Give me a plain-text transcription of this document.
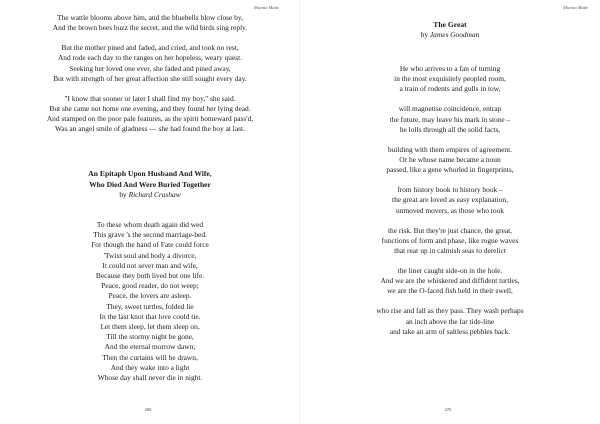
Mucma Made
The wattle blooms above him, and the bluebells blow close by,
And the brown bees buzz the secret, and the wild birds sing reply.
But the mother pined and faded, and cried, and took no rest,
And rode each day to the ranges on her hopeless, weary quest.
Seeking her loved one ever, she faded and pined away,
But with strength of her great affection she still sought every day.
"I know that sooner or later I shall find my boy," she said.
But she came not home one evening, and they found her lying dead.
And stamped on the poor pale features, as the spirit homeward pass'd,
Was an angel smile of gladness — she had found the boy at last.
An Epitaph Upon Husband And Wife,
Who Died And Were Buried Together
by Richard Crashaw
To these whom death again did wed
This grave 's the second marriage-bed.
For though the hand of Fate could force
'Twixt soul and body a divorce,
It could not sever man and wife,
Because they both lived but one life.
Peace, good reader, do not weep;
Peace, the lovers are asleep.
They, sweet turtles, folded lie
In the last knot that love could tie.
Let them sleep, let them sleep on,
Till the stormy night be gone,
And the eternal morrow dawn;
Then the curtains will be drawn,
And they wake into a light
Whose day shall never die in night.
268
Mucma Made
The Great
by James Goodman
He who arrives to a fan of turning
in the most exquisitely peopled room,
a train of rodents and gulls in tow,
will magnetise coincidence, entrap
the future, may leave his mark in stone –
he lolls through all the solid facts,
building with them empires of agreement.
Or he whose name became a noun
passed, like a gene whorled in fingerprints,
from history book to history book –
the great are loved as easy explanation,
unmoved movers, as those who took
the risk. But they're just chance, the great,
functions of form and phase, like rogue waves
that rear up in calmish seas to derelict
the liner caught side-on in the hole.
And we are the whiskered and diffident turtles,
we are the O-faced fish held in their swell,
who rise and fall as they pass. They wash perhaps
an inch above the far tide-line
and take an arm of saltless pebbles back.
270
